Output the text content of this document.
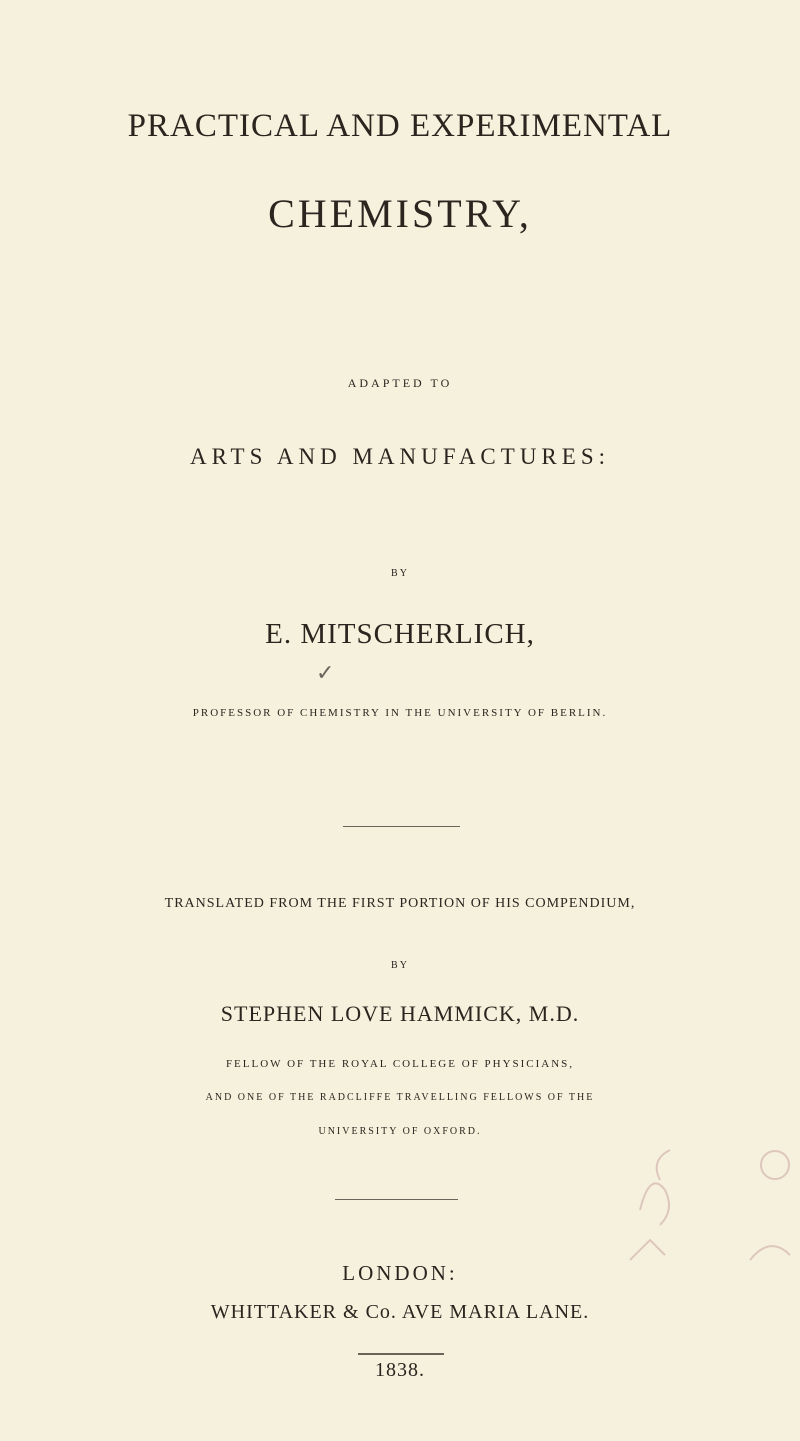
PRACTICAL AND EXPERIMENTAL
CHEMISTRY,
ADAPTED TO
ARTS AND MANUFACTURES:
BY
E. MITSCHERLICH,
✓
PROFESSOR OF CHEMISTRY IN THE UNIVERSITY OF BERLIN.
TRANSLATED FROM THE FIRST PORTION OF HIS COMPENDIUM,
BY
STEPHEN LOVE HAMMICK, M.D.
FELLOW OF THE ROYAL COLLEGE OF PHYSICIANS,
AND ONE OF THE RADCLIFFE TRAVELLING FELLOWS OF THE
UNIVERSITY OF OXFORD.
LONDON:
WHITTAKER & Co. AVE MARIA LANE.
1838.
